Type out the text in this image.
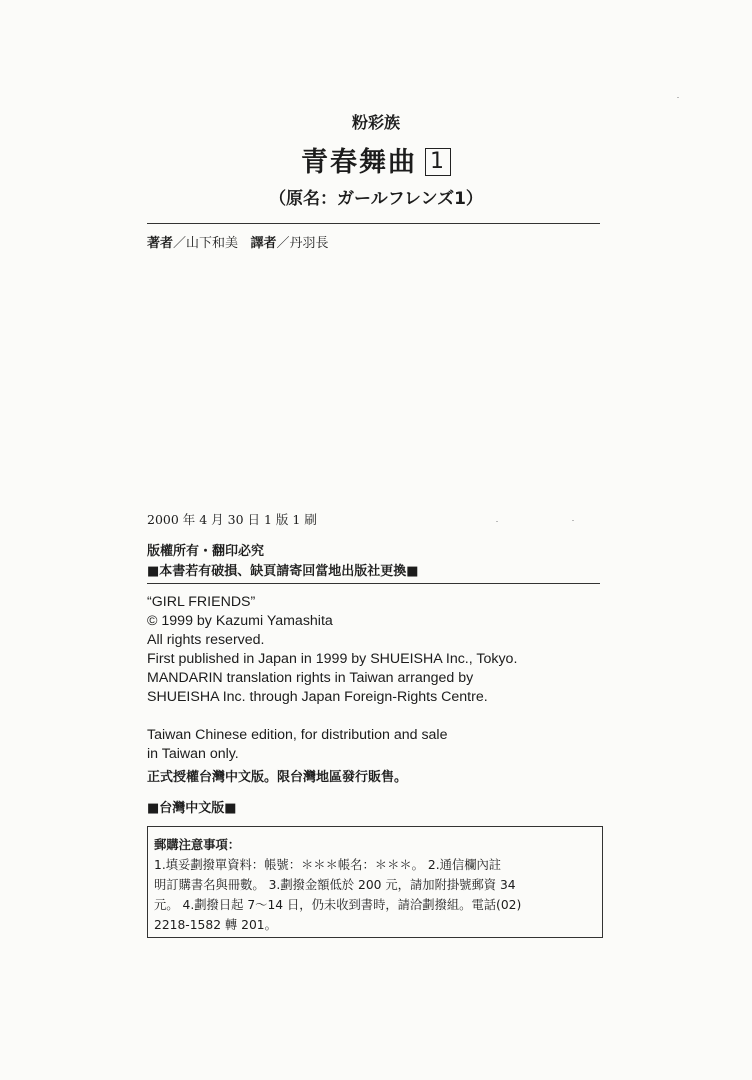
粉彩族
青春舞曲 1
（原名：ガールフレンズ1）
著者／山下和美 譯者／丹羽長
2000 年 4 月 30 日 1 版 1 刷
版權所有・翻印必究
■本書若有破損、缺頁請寄回當地出版社更換■
“GIRL FRIENDS”
© 1999 by Kazumi Yamashita
All rights reserved.
First published in Japan in 1999 by SHUEISHA Inc., Tokyo.
MANDARIN translation rights in Taiwan arranged by
SHUEISHA Inc. through Japan Foreign-Rights Centre.
Taiwan Chinese edition, for distribution and sale
in Taiwan only.
正式授權台灣中文版。限台灣地區發行販售。
■台灣中文版■
郵購注意事項：
1.填妥劃撥單資料：帳號：＊＊＊帳名：＊＊＊。 2.通信欄內註
明訂購書名與冊數。 3.劃撥金額低於 200 元，請加附掛號郵資 34
元。 4.劃撥日起 7～14 日，仍未收到書時，請洽劃撥組。電話(02)
2218-1582 轉 201。
